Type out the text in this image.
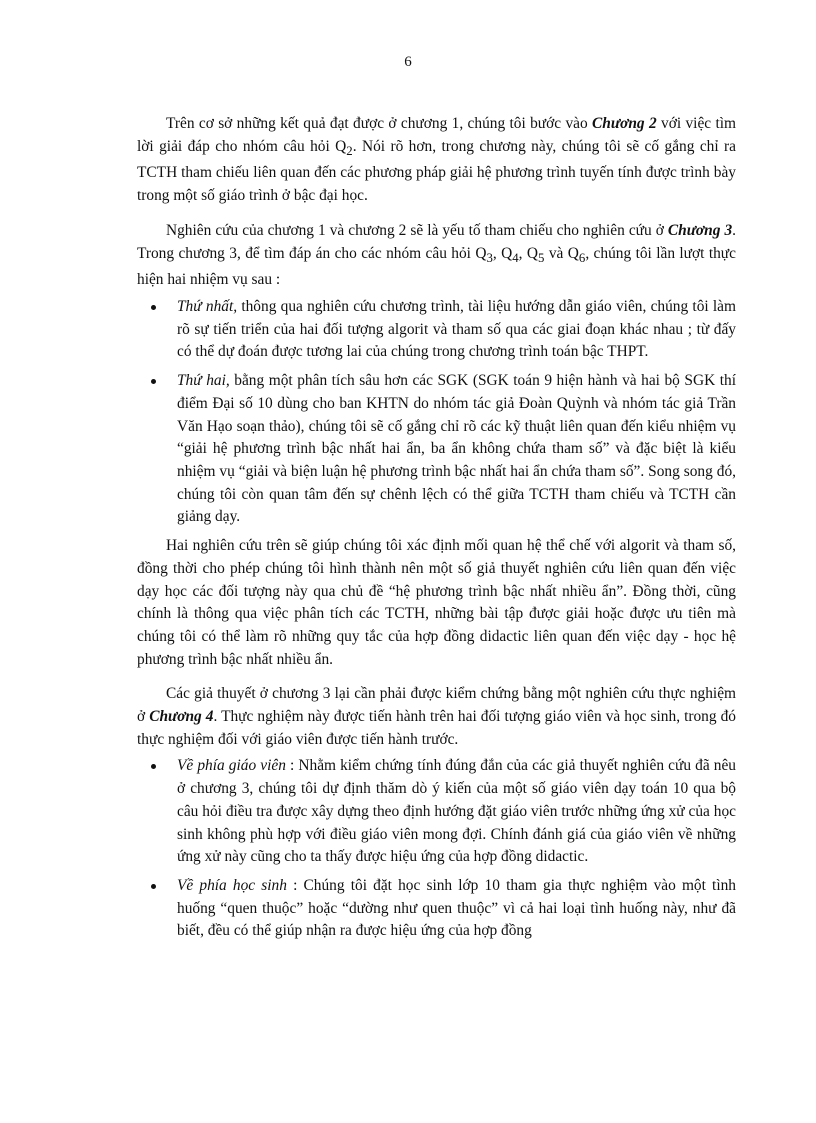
6

Trên cơ sở những kết quả đạt được ở chương 1, chúng tôi bước vào Chương 2 với việc tìm lời giải đáp cho nhóm câu hỏi $Q_2$. Nói rõ hơn, trong chương này, chúng tôi sẽ cố gắng chỉ ra TCTH tham chiếu liên quan đến các phương pháp giải hệ phương trình tuyến tính được trình bày trong một số giáo trình ở bậc đại học.

Nghiên cứu của chương 1 và chương 2 sẽ là yếu tố tham chiếu cho nghiên cứu ở Chương 3. Trong chương 3, để tìm đáp án cho các nhóm câu hỏi $Q_3$, $Q_4$, $Q_5$ và $Q_6$, chúng tôi lần lượt thực hiện hai nhiệm vụ sau :

Thứ nhất, thông qua nghiên cứu chương trình, tài liệu hướng dẫn giáo viên, chúng tôi làm rõ sự tiến triển của hai đối tượng algorit và tham số qua các giai đoạn khác nhau ; từ đấy có thể dự đoán được tương lai của chúng trong chương trình toán bậc THPT.
Thứ hai, bằng một phân tích sâu hơn các SGK (SGK toán 9 hiện hành và hai bộ SGK thí điểm Đại số 10 dùng cho ban KHTN do nhóm tác giả Đoàn Quỳnh và nhóm tác giả Trần Văn Hạo soạn thảo), chúng tôi sẽ cố gắng chỉ rõ các kỹ thuật liên quan đến kiểu nhiệm vụ “giải hệ phương trình bậc nhất hai ẩn, ba ẩn không chứa tham số” và đặc biệt là kiểu nhiệm vụ “giải và biện luận hệ phương trình bậc nhất hai ẩn chứa tham số”. Song song đó, chúng tôi còn quan tâm đến sự chênh lệch có thể giữa TCTH tham chiếu và TCTH cần giảng dạy.

Hai nghiên cứu trên sẽ giúp chúng tôi xác định mối quan hệ thể chế với algorit và tham số, đồng thời cho phép chúng tôi hình thành nên một số giả thuyết nghiên cứu liên quan đến việc dạy học các đối tượng này qua chủ đề “hệ phương trình bậc nhất nhiều ẩn”. Đồng thời, cũng chính là thông qua việc phân tích các TCTH, những bài tập được giải hoặc được ưu tiên mà chúng tôi có thể làm rõ những quy tắc của hợp đồng didactic liên quan đến việc dạy - học hệ phương trình bậc nhất nhiều ẩn.

Các giả thuyết ở chương 3 lại cần phải được kiểm chứng bằng một nghiên cứu thực nghiệm ở Chương 4. Thực nghiệm này được tiến hành trên hai đối tượng giáo viên và học sinh, trong đó thực nghiệm đối với giáo viên được tiến hành trước.

Về phía giáo viên : Nhằm kiểm chứng tính đúng đắn của các giả thuyết nghiên cứu đã nêu ở chương 3, chúng tôi dự định thăm dò ý kiến của một số giáo viên dạy toán 10 qua bộ câu hỏi điều tra được xây dựng theo định hướng đặt giáo viên trước những ứng xử của học sinh không phù hợp với điều giáo viên mong đợi. Chính đánh giá của giáo viên về những ứng xử này cũng cho ta thấy được hiệu ứng của hợp đồng didactic.
Về phía học sinh : Chúng tôi đặt học sinh lớp 10 tham gia thực nghiệm vào một tình huống “quen thuộc” hoặc “dường như quen thuộc” vì cả hai loại tình huống này, như đã biết, đều có thể giúp nhận ra được hiệu ứng của hợp đồng
